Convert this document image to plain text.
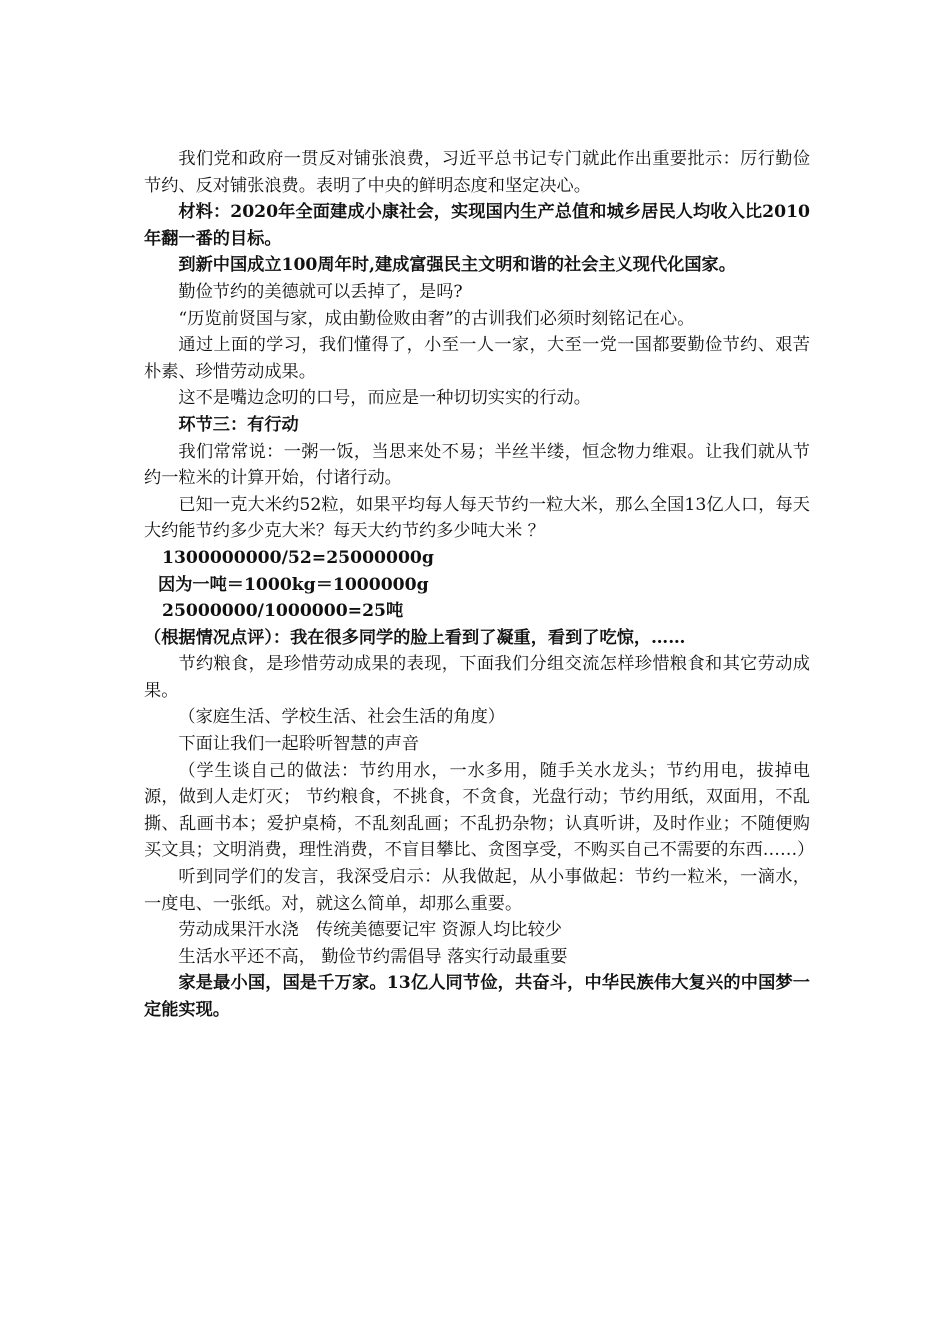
我们党和政府一贯反对铺张浪费，习近平总书记专门就此作出重要批示：厉行勤俭节约、反对铺张浪费。表明了中央的鲜明态度和坚定决心。

材料：2020年全面建成小康社会，实现国内生产总值和城乡居民人均收入比2010年翻一番的目标。

到新中国成立100周年时,建成富强民主文明和谐的社会主义现代化国家。

勤俭节约的美德就可以丢掉了，是吗?

“历览前贤国与家，成由勤俭败由奢”的古训我们必须时刻铭记在心。

通过上面的学习，我们懂得了，小至一人一家，大至一党一国都要勤俭节约、艰苦朴素、珍惜劳动成果。

这不是嘴边念叨的口号，而应是一种切切实实的行动。

环节三：有行动

我们常常说：一粥一饭，当思来处不易；半丝半缕，恒念物力维艰。让我们就从节约一粒米的计算开始，付诸行动。

已知一克大米约52粒，如果平均每人每天节约一粒大米，那么全国13亿人口，每天大约能节约多少克大米？每天大约节约多少吨大米 ？

1300000000/52=25000000g

因为一吨＝1000kg＝1000000g

25000000/1000000=25吨

（根据情况点评）：我在很多同学的脸上看到了凝重，看到了吃惊，……

节约粮食，是珍惜劳动成果的表现，下面我们分组交流怎样珍惜粮食和其它劳动成果。

（家庭生活、学校生活、社会生活的角度）

下面让我们一起聆听智慧的声音

（学生谈自己的做法：节约用水，一水多用，随手关水龙头；节约用电，拔掉电源，做到人走灯灭； 节约粮食，不挑食，不贪食，光盘行动；节约用纸，双面用，不乱撕、乱画书本；爱护桌椅，不乱刻乱画；不乱扔杂物；认真听讲，及时作业；不随便购买文具；文明消费，理性消费，不盲目攀比、贪图享受，不购买自己不需要的东西……）

听到同学们的发言，我深受启示：从我做起，从小事做起：节约一粒米，一滴水，一度电、一张纸。对，就这么简单，却那么重要。

劳动成果汗水浇　传统美德要记牢 资源人均比较少

生活水平还不高， 勤俭节约需倡导 落实行动最重要

家是最小国，国是千万家。13亿人同节俭，共奋斗，中华民族伟大复兴的中国梦一定能实现。
